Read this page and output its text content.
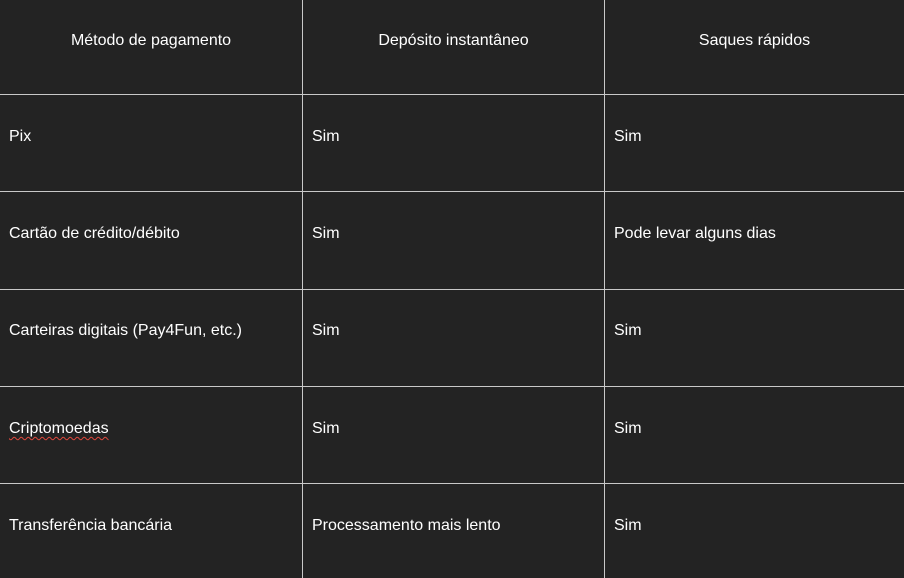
Método de pagamento	Depósito instantâneo	Saques rápidos
Pix	Sim	Sim
Cartão de crédito/débito	Sim	Pode levar alguns dias
Carteiras digitais (Pay4Fun, etc.)	Sim	Sim
Criptomoedas	Sim	Sim
Transferência bancária	Processamento mais lento	Sim
